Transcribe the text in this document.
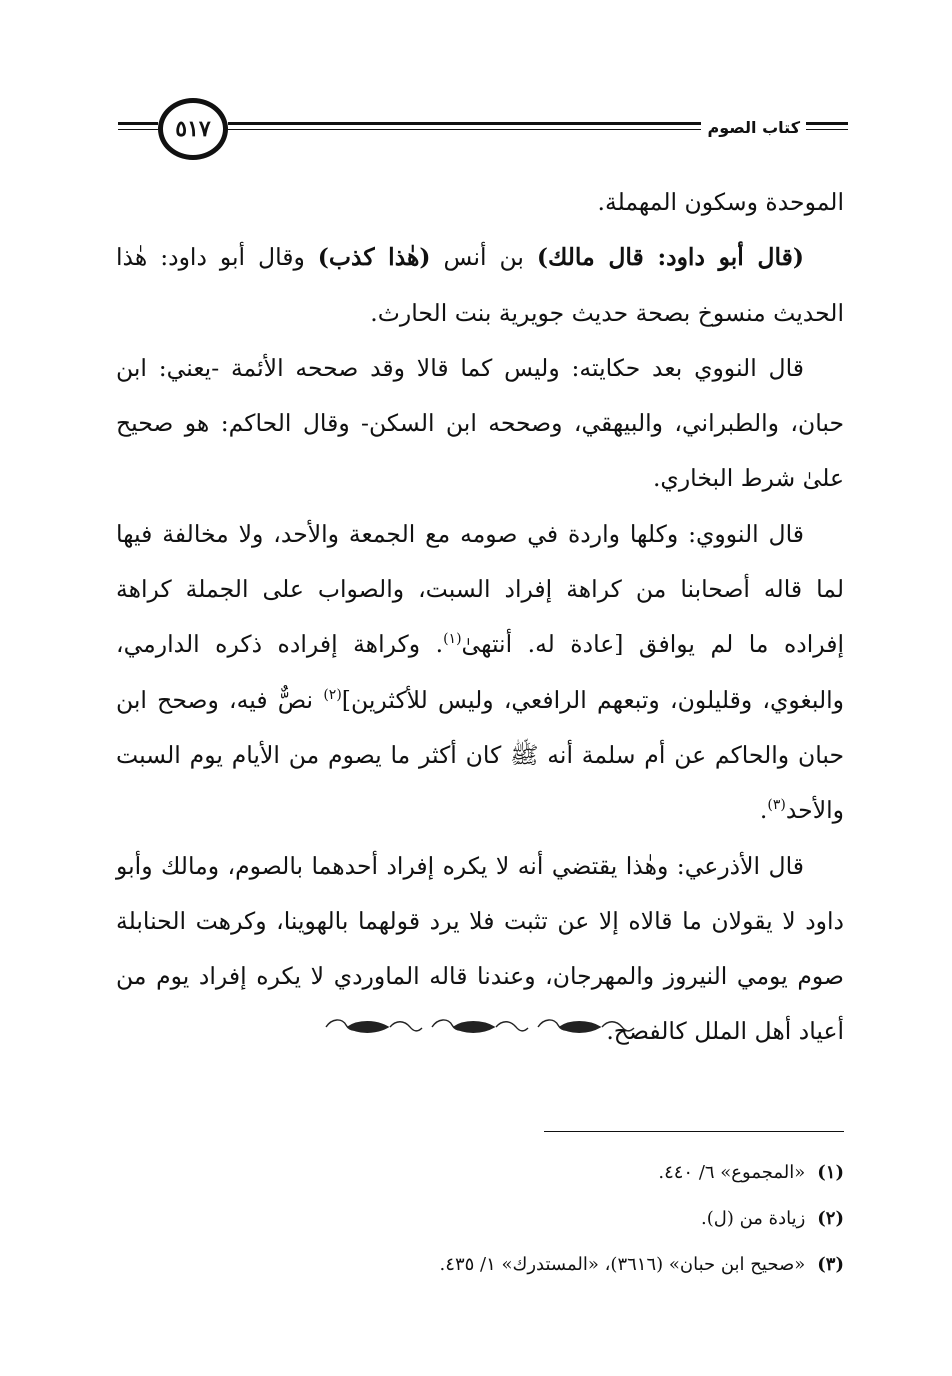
٥١٧	كتاب الصوم

الموحدة وسكون المهملة.

(قال أبو داود: قال مالك) بن أنس (هٰذا كذب) وقال أبو داود: هٰذا الحديث منسوخ بصحة حديث جويرية بنت الحارث.

قال النووي بعد حكايته: وليس كما قالا وقد صححه الأئمة -يعني: ابن حبان، والطبراني، والبيهقي، وصححه ابن السكن- وقال الحاكم: هو صحيح علىٰ شرط البخاري.

قال النووي: وكلها واردة في صومه مع الجمعة والأحد، ولا مخالفة فيها لما قاله أصحابنا من كراهة إفراد السبت، والصواب على الجملة كراهة إفراده ما لم يوافق [عادة له. أنتهىٰ$^{(١)}$. وكراهة إفراده ذكره الدارمي، والبغوي، وقليلون، وتبعهم الرافعي، وليس للأكثرين]$^{(٢)}$ نصٌّ فيه، وصحح ابن حبان والحاكم عن أم سلمة أنه ﷺ كان أكثر ما يصوم من الأيام يوم السبت والأحد$^{(٣)}$.

قال الأذرعي: وهٰذا يقتضي أنه لا يكره إفراد أحدهما بالصوم، ومالك وأبو داود لا يقولان ما قالاه إلا عن تثبت فلا يرد قولهما بالهوينا، وكرهت الحنابلة صوم يومي النيروز والمهرجان، وعندنا قاله الماوردي لا يكره إفراد يوم من أعياد أهل الملل كالفصح.

(١)
«المجموع» ٦/ ٤٤٠.
(٢)
زيادة من (ل).
(٣)
«صحيح ابن حبان» (٣٦١٦)، «المستدرك» ١/ ٤٣٥.
